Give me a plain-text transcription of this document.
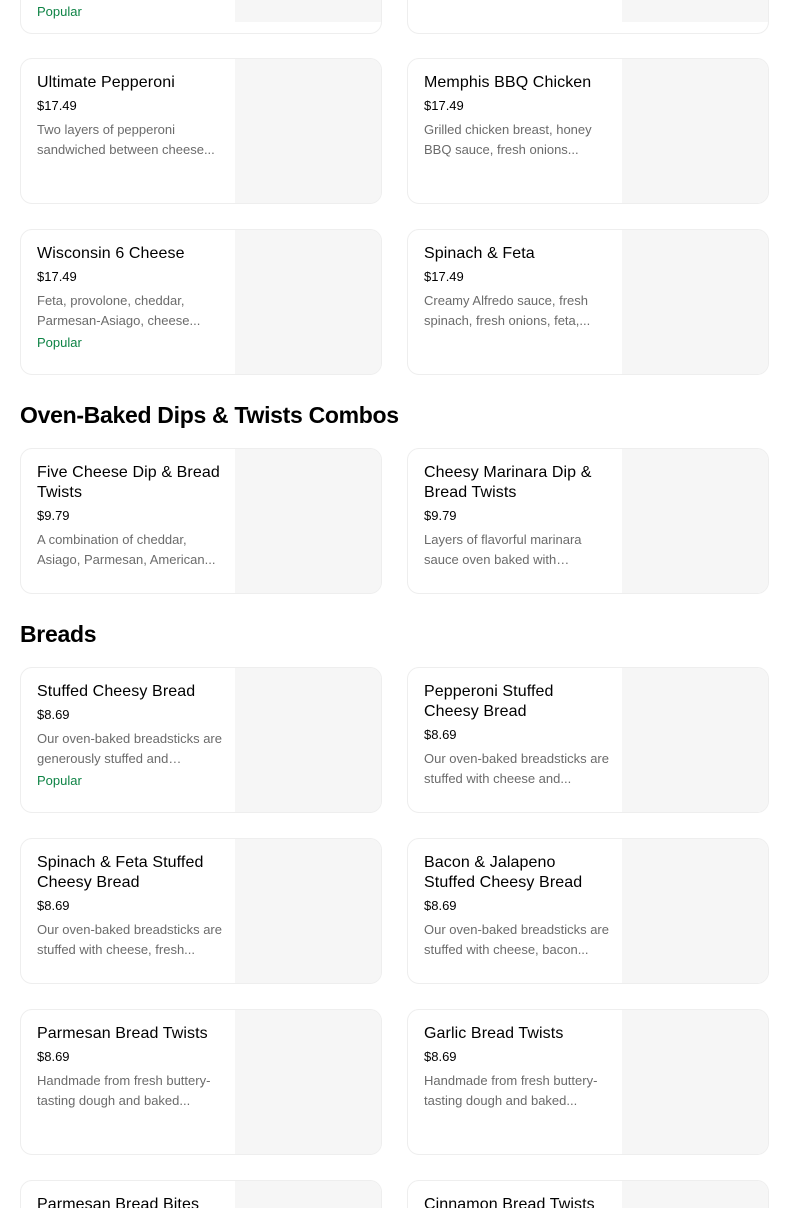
Popular
Ultimate Pepperoni
$17.49
Two layers of pepperoni sandwiched between cheese...
Memphis BBQ Chicken
$17.49
Grilled chicken breast, honey BBQ sauce, fresh onions...
Wisconsin 6 Cheese
$17.49
Feta, provolone, cheddar, Parmesan-Asiago, cheese...
Popular
Spinach & Feta
$17.49
Creamy Alfredo sauce, fresh spinach, fresh onions, feta,...
Oven-Baked Dips & Twists Combos
Five Cheese Dip & Bread Twists
$9.79
A combination of cheddar, Asiago, Parmesan, American...
Cheesy Marinara Dip & Bread Twists
$9.79
Layers of flavorful marinara sauce oven baked with
Breads
Stuffed Cheesy Bread
$8.69
Our oven-baked breadsticks are generously stuffed and
Popular
Pepperoni Stuffed Cheesy Bread
$8.69
Our oven-baked breadsticks are stuffed with cheese and...
Spinach & Feta Stuffed Cheesy Bread
$8.69
Our oven-baked breadsticks are stuffed with cheese, fresh...
Bacon & Jalapeno Stuffed Cheesy Bread
$8.69
Our oven-baked breadsticks are stuffed with cheese, bacon...
Parmesan Bread Twists
$8.69
Handmade from fresh buttery-tasting dough and baked...
Garlic Bread Twists
$8.69
Handmade from fresh buttery-tasting dough and baked...
Parmesan Bread Bites	Cinnamon Bread Twists
